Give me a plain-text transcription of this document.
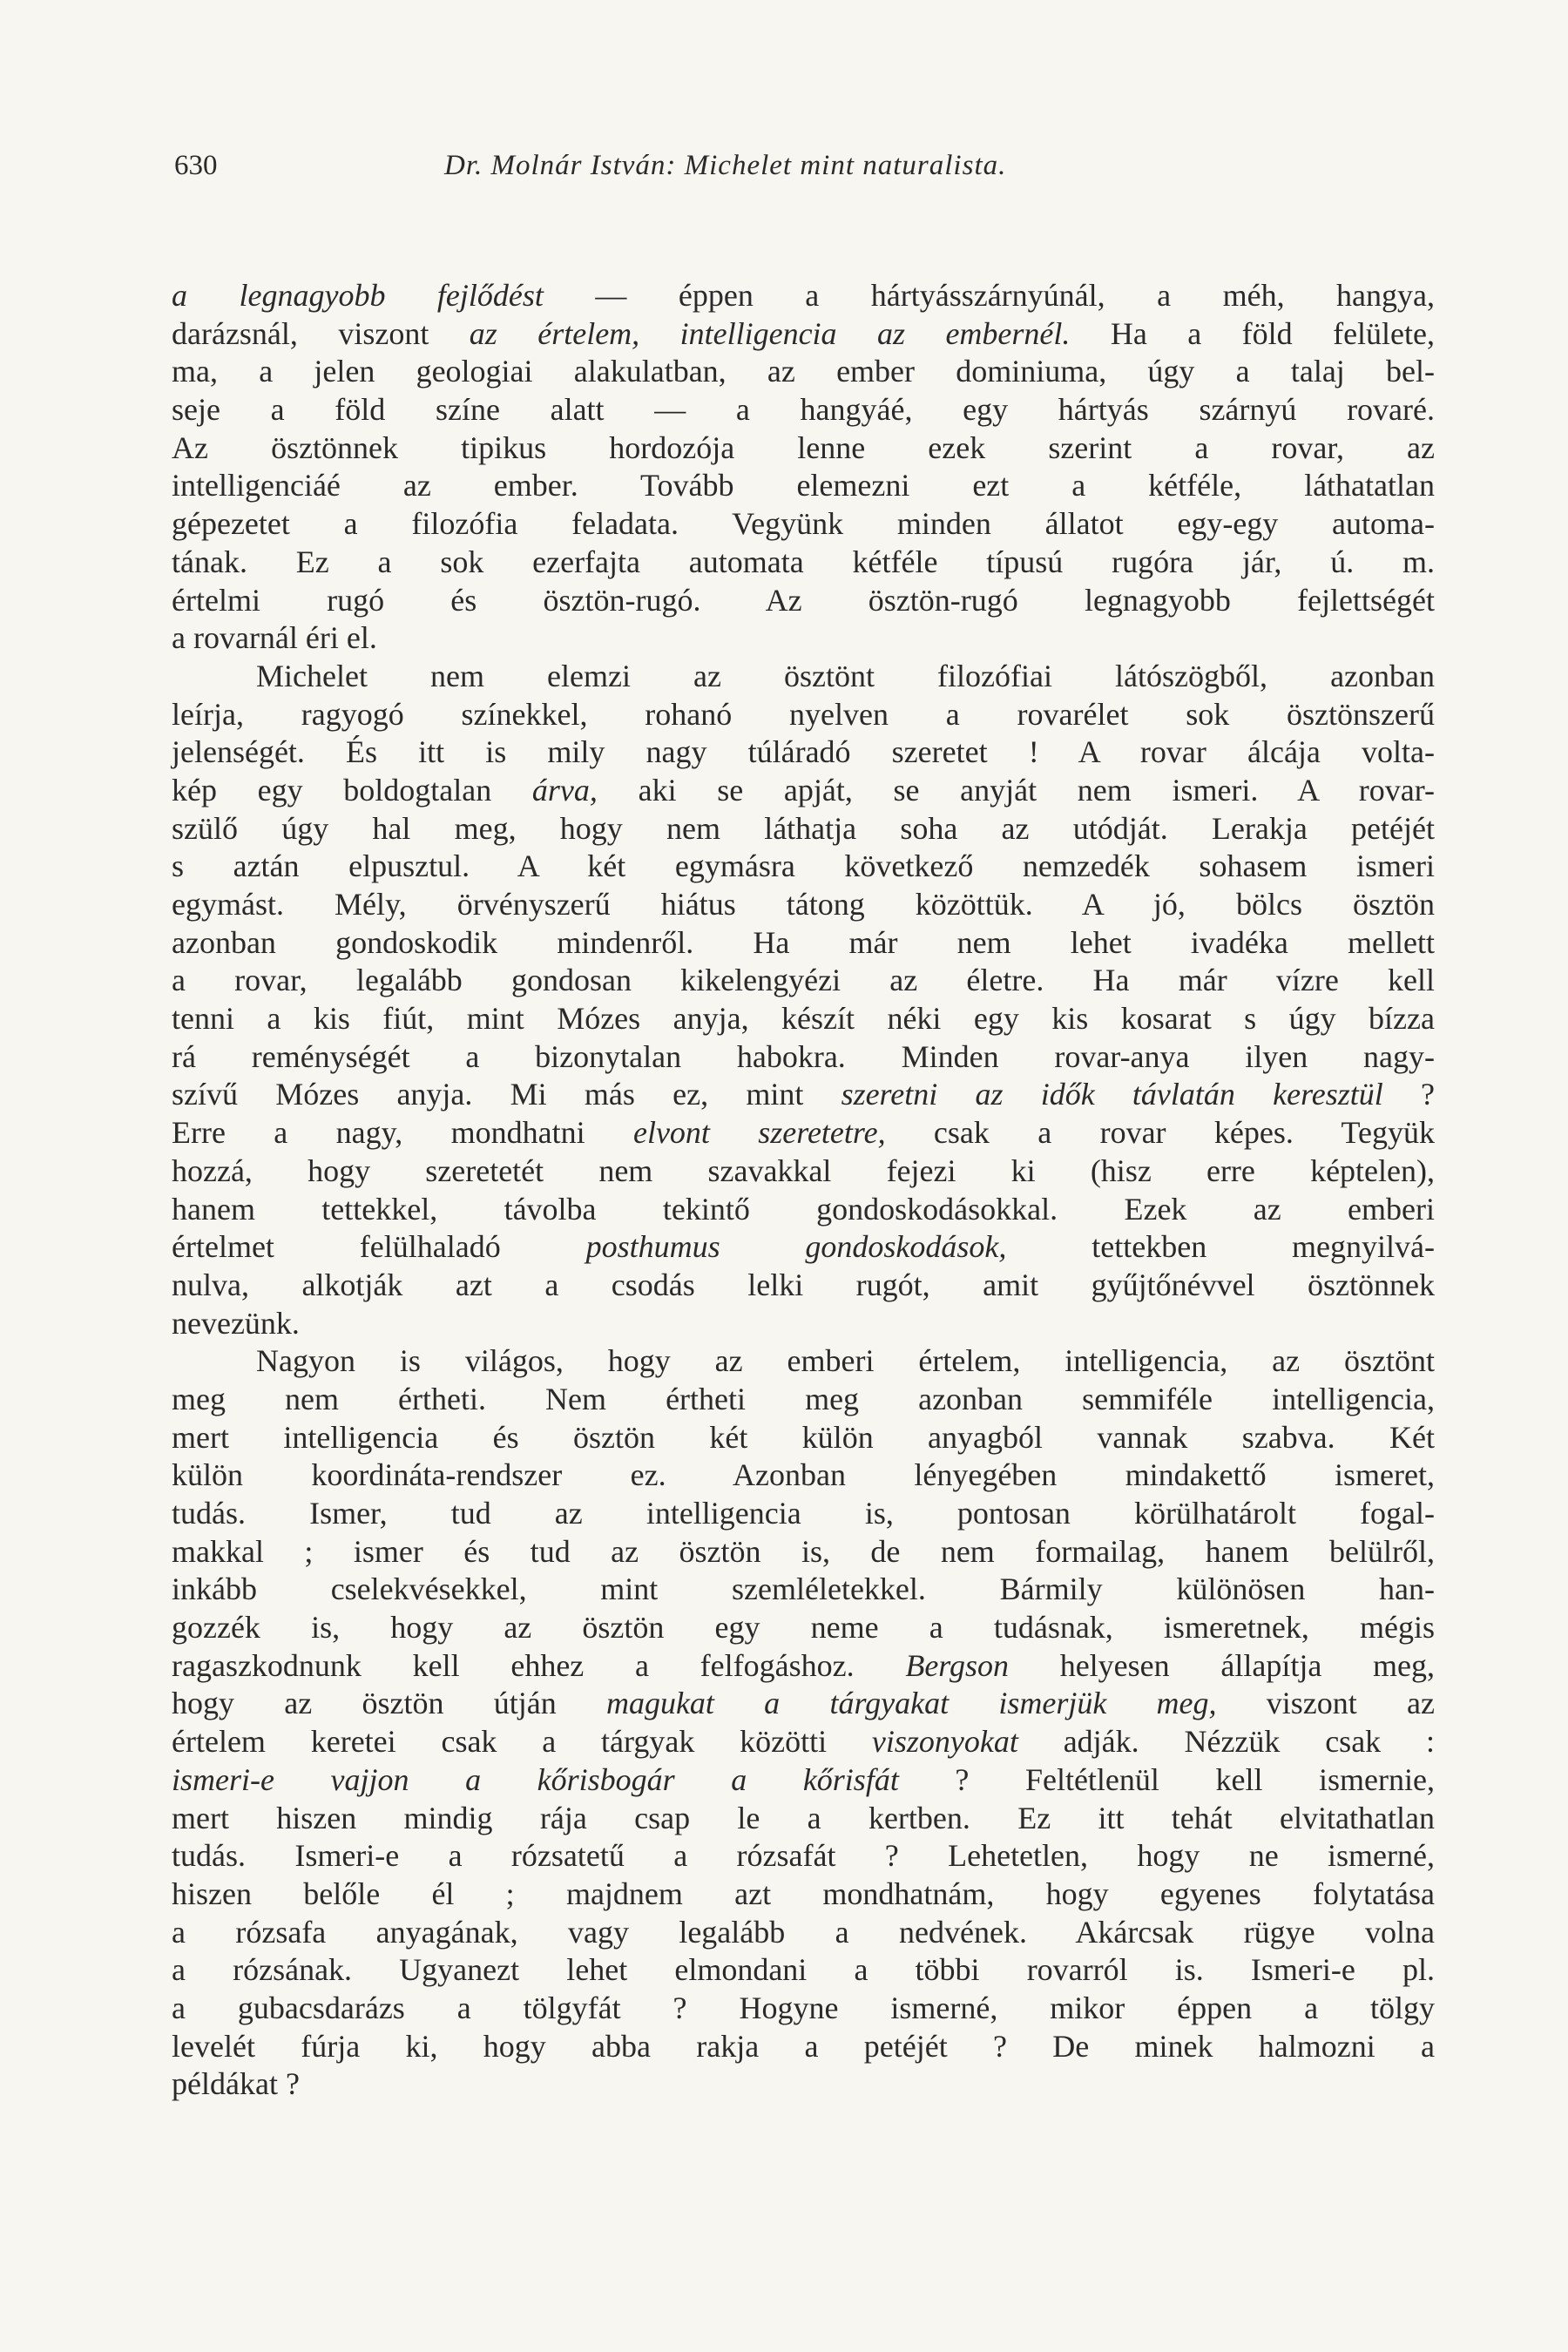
630	Dr. Molnár István: Michelet mint naturalista.
a legnagyobb fejlődést — éppen a hártyásszárnyúnál, a méh, hangya,
darázsnál, viszont az értelem, intelligencia az embernél. Ha a föld felülete,
ma, a jelen geologiai alakulatban, az ember dominiuma, úgy a talaj bel-
seje a föld színe alatt — a hangyáé, egy hártyás szárnyú rovaré.
Az ösztönnek tipikus hordozója lenne ezek szerint a rovar, az
intelligenciáé az ember. Tovább elemezni ezt a kétféle, láthatatlan
gépezetet a filozófia feladata. Vegyünk minden állatot egy-egy automa-
tának. Ez a sok ezerfajta automata kétféle típusú rugóra jár, ú. m.
értelmi rugó és ösztön-rugó. Az ösztön-rugó legnagyobb fejlettségét
a rovarnál éri el.
Michelet nem elemzi az ösztönt filozófiai látószögből, azonban
leírja, ragyogó színekkel, rohanó nyelven a rovarélet sok ösztönszerű
jelenségét. És itt is mily nagy túláradó szeretet ! A rovar álcája volta-
kép egy boldogtalan árva, aki se apját, se anyját nem ismeri. A rovar-
szülő úgy hal meg, hogy nem láthatja soha az utódját. Lerakja petéjét
s aztán elpusztul. A két egymásra következő nemzedék sohasem ismeri
egymást. Mély, örvényszerű hiátus tátong közöttük. A jó, bölcs ösztön
azonban gondoskodik mindenről. Ha már nem lehet ivadéka mellett
a rovar, legalább gondosan kikelengyézi az életre. Ha már vízre kell
tenni a kis fiút, mint Mózes anyja, készít néki egy kis kosarat s úgy bízza
rá reménységét a bizonytalan habokra. Minden rovar-anya ilyen nagy-
szívű Mózes anyja. Mi más ez, mint szeretni az idők távlatán keresztül ?
Erre a nagy, mondhatni elvont szeretetre, csak a rovar képes. Tegyük
hozzá, hogy szeretetét nem szavakkal fejezi ki (hisz erre képtelen),
hanem tettekkel, távolba tekintő gondoskodásokkal. Ezek az emberi
értelmet felülhaladó posthumus gondoskodások, tettekben megnyilvá-
nulva, alkotják azt a csodás lelki rugót, amit gyűjtőnévvel ösztönnek
nevezünk.
Nagyon is világos, hogy az emberi értelem, intelligencia, az ösztönt
meg nem értheti. Nem értheti meg azonban semmiféle intelligencia,
mert intelligencia és ösztön két külön anyagból vannak szabva. Két
külön koordináta-rendszer ez. Azonban lényegében mindakettő ismeret,
tudás. Ismer, tud az intelligencia is, pontosan körülhatárolt fogal-
makkal ; ismer és tud az ösztön is, de nem formailag, hanem belülről,
inkább cselekvésekkel, mint szemléletekkel. Bármily különösen han-
gozzék is, hogy az ösztön egy neme a tudásnak, ismeretnek, mégis
ragaszkodnunk kell ehhez a felfogáshoz. Bergson helyesen állapítja meg,
hogy az ösztön útján magukat a tárgyakat ismerjük meg, viszont az
értelem keretei csak a tárgyak közötti viszonyokat adják. Nézzük csak :
ismeri-e vajjon a kőrisbogár a kőrisfát ? Feltétlenül kell ismernie,
mert hiszen mindig rája csap le a kertben. Ez itt tehát elvitathatlan
tudás. Ismeri-e a rózsatetű a rózsafát ? Lehetetlen, hogy ne ismerné,
hiszen belőle él ; majdnem azt mondhatnám, hogy egyenes folytatása
a rózsafa anyagának, vagy legalább a nedvének. Akárcsak rügye volna
a rózsának. Ugyanezt lehet elmondani a többi rovarról is. Ismeri-e pl.
a gubacsdarázs a tölgyfát ? Hogyne ismerné, mikor éppen a tölgy
levelét fúrja ki, hogy abba rakja a petéjét ? De minek halmozni a
példákat ?
